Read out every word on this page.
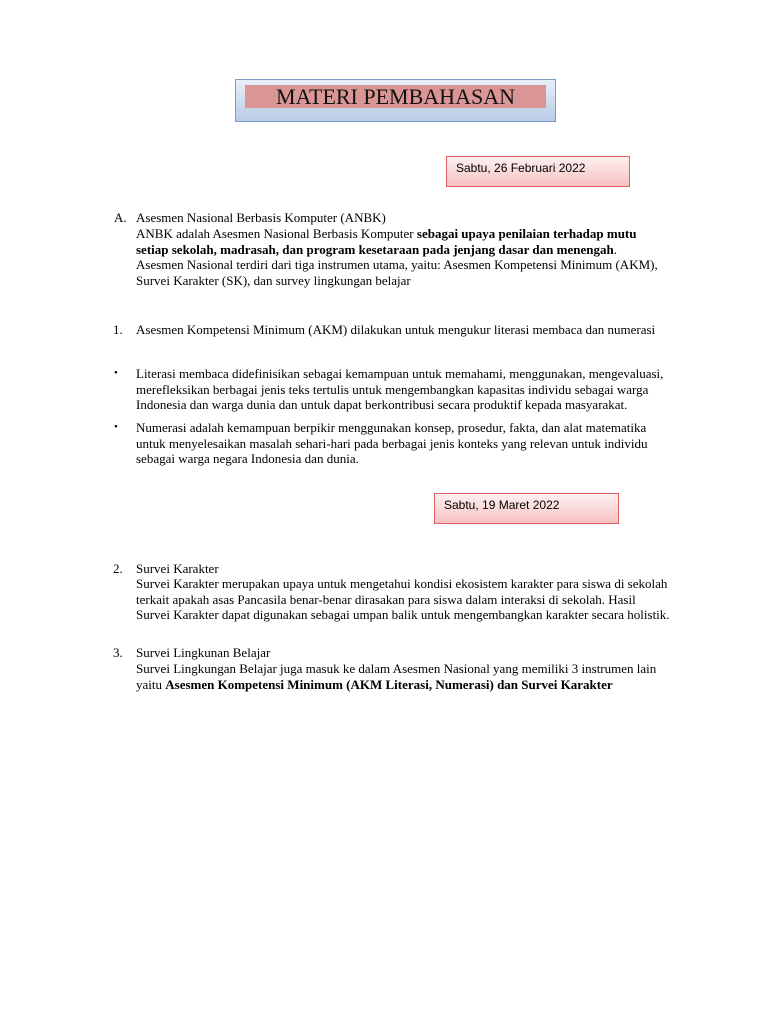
MATERI PEMBAHASAN
Sabtu, 26 Februari 2022
A. Asesmen Nasional Berbasis Komputer (ANBK)
ANBK adalah Asesmen Nasional Berbasis Komputer sebagai upaya penilaian terhadap mutu setiap sekolah, madrasah, dan program kesetaraan pada jenjang dasar dan menengah. Asesmen Nasional terdiri dari tiga instrumen utama, yaitu: Asesmen Kompetensi Minimum (AKM), Survei Karakter (SK), dan survey lingkungan belajar
1. Asesmen Kompetensi Minimum (AKM) dilakukan untuk mengukur literasi membaca dan numerasi
• Literasi membaca didefinisikan sebagai kemampuan untuk memahami, menggunakan, mengevaluasi, merefleksikan berbagai jenis teks tertulis untuk mengembangkan kapasitas individu sebagai warga Indonesia dan warga dunia dan untuk dapat berkontribusi secara produktif kepada masyarakat.
• Numerasi adalah kemampuan berpikir menggunakan konsep, prosedur, fakta, dan alat matematika untuk menyelesaikan masalah sehari-hari pada berbagai jenis konteks yang relevan untuk individu sebagai warga negara Indonesia dan dunia.
Sabtu, 19 Maret 2022
2. Survei Karakter
Survei Karakter merupakan upaya untuk mengetahui kondisi ekosistem karakter para siswa di sekolah terkait apakah asas Pancasila benar-benar dirasakan para siswa dalam interaksi di sekolah. Hasil Survei Karakter dapat digunakan sebagai umpan balik untuk mengembangkan karakter secara holistik.
3. Survei Lingkunan Belajar
Survei Lingkungan Belajar juga masuk ke dalam Asesmen Nasional yang memiliki 3 instrumen lain yaitu Asesmen Kompetensi Minimum (AKM Literasi, Numerasi) dan Survei Karakter
